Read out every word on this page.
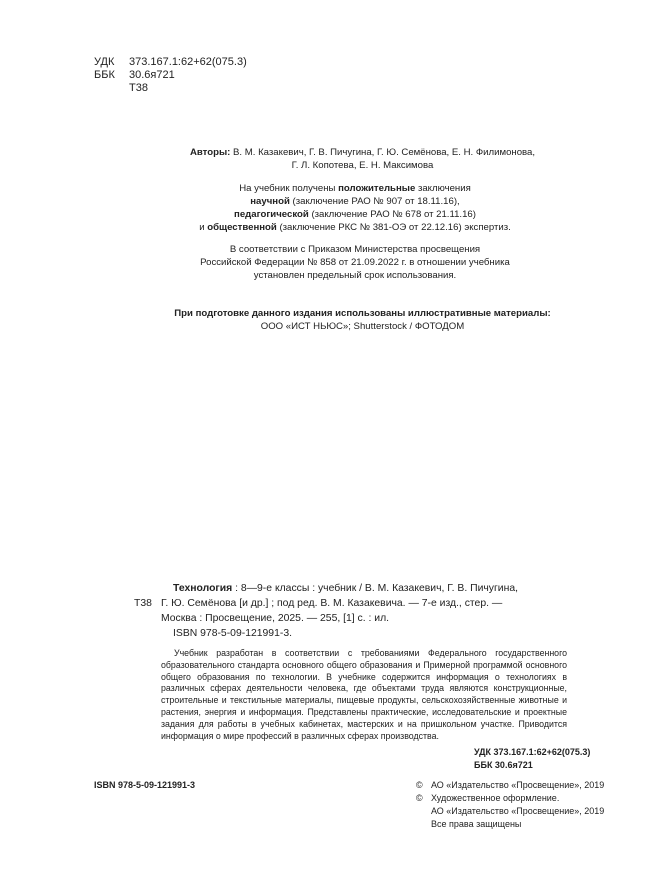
УДК	373.167.1:62+62(075.3)
ББК	30.6я721
Т38
Авторы: В. М. Казакевич, Г. В. Пичугина, Г. Ю. Семёнова, Е. Н. Филимонова,
Г. Л. Копотева, Е. Н. Максимова
На учебник получены положительные заключения
научной (заключение РАО № 907 от 18.11.16),
педагогической (заключение РАО № 678 от 21.11.16)
и общественной (заключение РКС № 381-ОЭ от 22.12.16) экспертиз.
В соответствии с Приказом Министерства просвещения
Российской Федерации № 858 от 21.09.2022 г. в отношении учебника
установлен предельный срок использования.
При подготовке данного издания использованы иллюстративные материалы:
ООО «ИСТ НЬЮС»; Shutterstock / ФОТОДОМ
Технология : 8—9-е классы : учебник / В. М. Казакевич, Г. В. Пичугина,
Т38 Г. Ю. Семёнова [и др.] ; под ред. В. М. Казакевича. — 7-е изд., стер. —
Москва : Просвещение, 2025. — 255, [1] с. : ил.
ISBN 978-5-09-121991-3.
Учебник разработан в соответствии с требованиями Федерального государственного образовательного стандарта основного общего образования и Примерной программой основного общего образования по технологии. В учебнике содержится информация о технологиях в различных сферах деятельности человека, где объектами труда являются конструкционные, строительные и текстильные материалы, пищевые продукты, сельскохозяйственные животные и растения, энергия и информация. Представлены практические, исследовательские и проектные задания для работы в учебных кабинетах, мастерских и на пришкольном участке. Приводится информация о мире профессий в различных сферах производства.
УДК 373.167.1:62+62(075.3)
ББК 30.6я721
ISBN 978-5-09-121991-3	© АО «Издательство «Просвещение», 2019
© Художественное оформление.
АО «Издательство «Просвещение», 2019
Все права защищены
